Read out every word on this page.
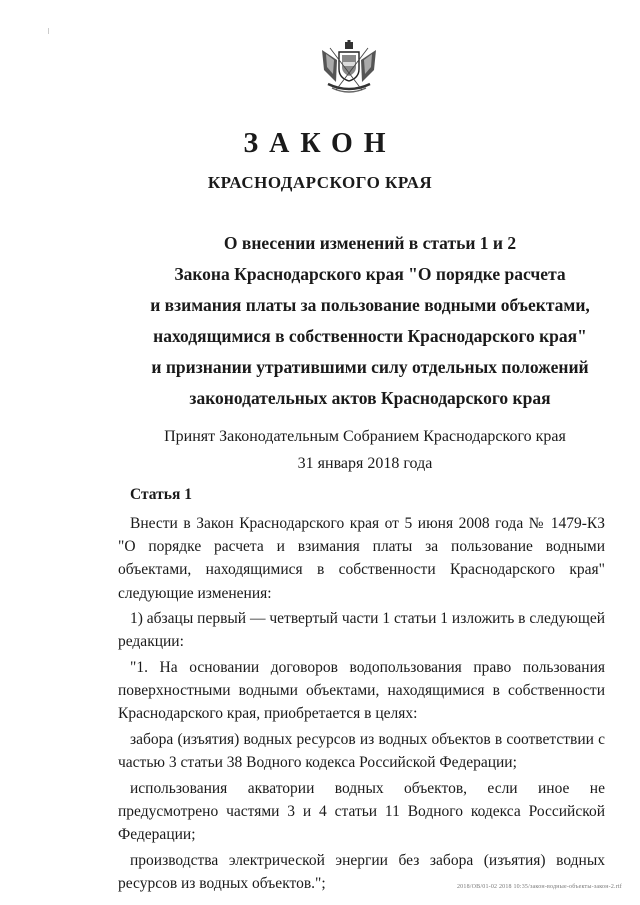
ЗАКОН
КРАСНОДАРСКОГО КРАЯ
О внесении изменений в статьи 1 и 2
Закона Краснодарского края "О порядке расчета
и взимания платы за пользование водными объектами,
находящимися в собственности Краснодарского края"
и признании утратившими силу отдельных положений
законодательных актов Краснодарского края
Принят Законодательным Собранием Краснодарского края
31 января 2018 года
Статья 1

Внести в Закон Краснодарского края от 5 июня 2008 года № 1479-КЗ "О порядке расчета и взимания платы за пользование водными объектами, находящимися в собственности Краснодарского края" следующие изменения:

1) абзацы первый — четвертый части 1 статьи 1 изложить в следующей редакции:

"1. На основании договоров водопользования право пользования поверхностными водными объектами, находящимися в собственности Краснодарского края, приобретается в целях:

забора (изъятия) водных ресурсов из водных объектов в соответствии с частью 3 статьи 38 Водного кодекса Российской Федерации;

использования акватории водных объектов, если иное не предусмотрено частями 3 и 4 статьи 11 Водного кодекса Российской Федерации;

производства электрической энергии без забора (изъятия) водных ресурсов из водных объектов.";	2018/ОВ/01-02 2018 10:35/закон-водные-объекты-закон-2.rtf
